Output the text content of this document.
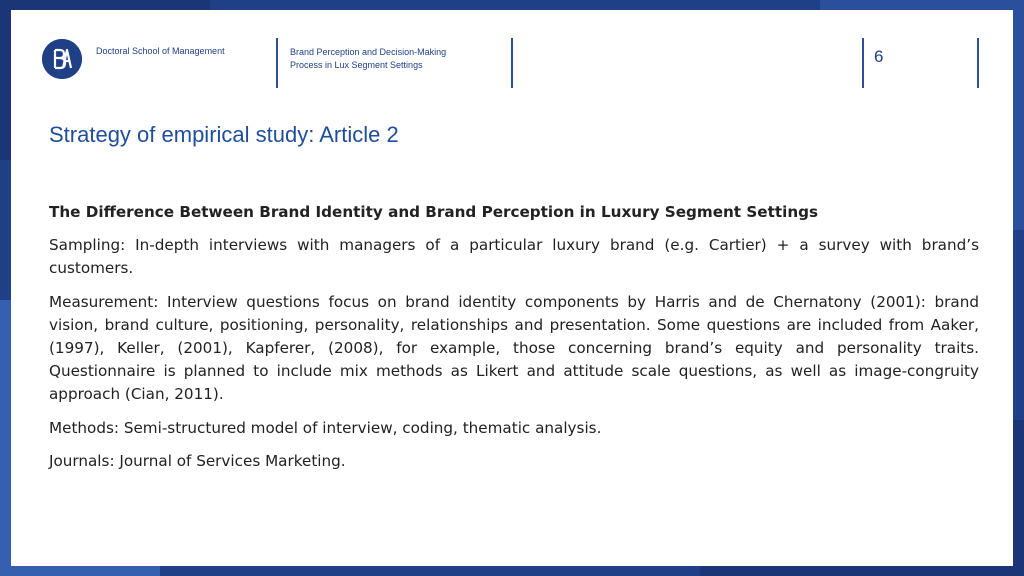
Doctoral School of Management	Brand Perception and Decision-Making
Process in Lux Segment Settings	6
Strategy of empirical study: Article 2

The Difference Between Brand Identity and Brand Perception in Luxury Segment Settings

Sampling: In-depth interviews with managers of a particular luxury brand (e.g. Cartier) + a survey with brand’s customers.

Measurement: Interview questions focus on brand identity components by Harris and de Chernatony (2001): brand vision, brand culture, positioning, personality, relationships and presentation. Some questions are included from Aaker, (1997), Keller, (2001), Kapferer, (2008), for example, those concerning brand’s equity and personality traits. Questionnaire is planned to include mix methods as Likert and attitude scale questions, as well as image-congruity approach (Cian, 2011).

Methods: Semi-structured model of interview, coding, thematic analysis.

Journals: Journal of Services Marketing.
